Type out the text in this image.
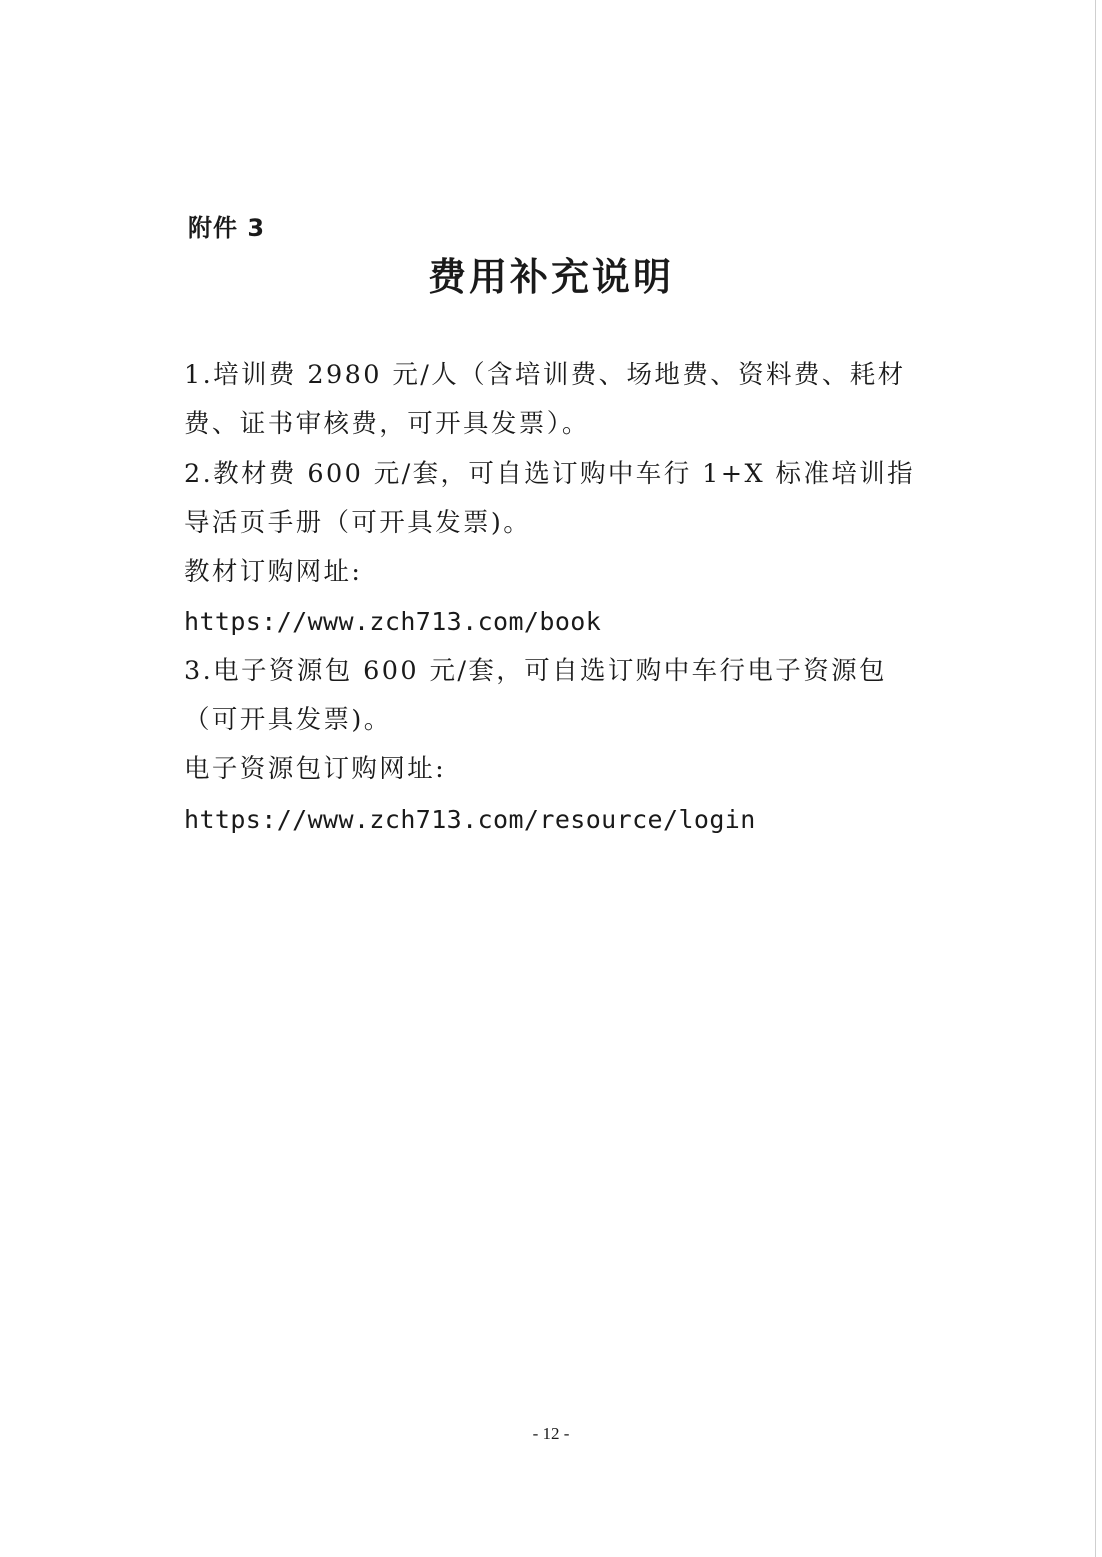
附件 3
费用补充说明

1.培训费 2980 元/人（含培训费、场地费、资料费、耗材费、证书审核费，可开具发票）。

2.教材费 600 元/套，可自选订购中车行 1+X 标准培训指导活页手册（可开具发票)。

教材订购网址:

https://www.zch713.com/book

3.电子资源包 600 元/套，可自选订购中车行电子资源包（可开具发票)。

电子资源包订购网址:

https://www.zch713.com/resource/login

- 12 -
